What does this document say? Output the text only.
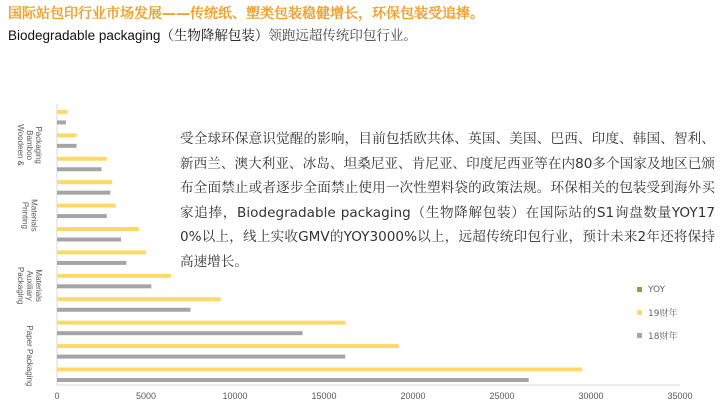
国际站包印行业市场发展——传统纸、塑类包装稳健增长，环保包装受追捧。
Biodegradable packaging（生物降解包装）领跑远超传统印包行业。
0	5000	10000	15000	20000	25000	30000	35000
Paper Packaging
Packaging Auxiliary Materials
Printing Materials
Woodeen & Bamboo Packaging	受全球环保意识觉醒的影响，目前包括欧共体、英国、美国、巴西、印度、韩国、智利、新西兰、澳大利亚、冰岛、坦桑尼亚、肯尼亚、印度尼西亚等在内80多个国家及地区已颁布全面禁止或者逐步全面禁止使用一次性塑料袋的政策法规。环保相关的包装受到海外买家追捧，Biodegradable packaging（生物降解包装）在国际站的S1询盘数量YOY170%以上，线上实收GMV的YOY3000%以上，远超传统印包行业，预计未来2年还将保持高速增长。
YOY
19财年
18财年
